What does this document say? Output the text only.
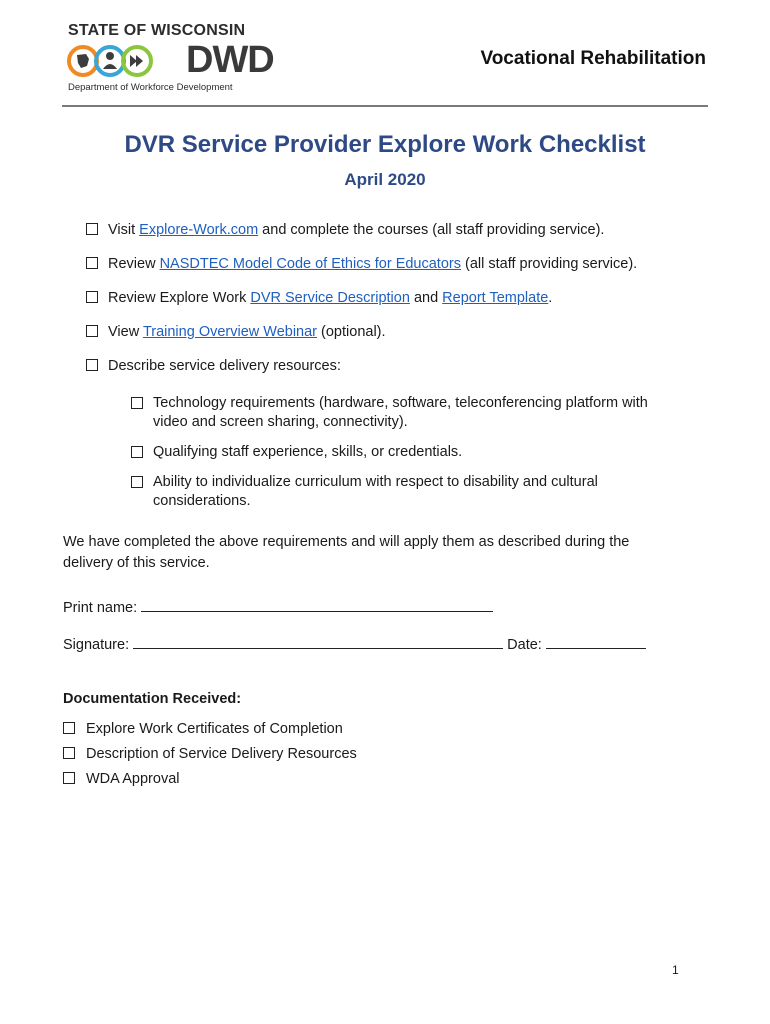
STATE OF WISCONSIN
DWD
Department of Workforce Development
Vocational Rehabilitation
DVR Service Provider Explore Work Checklist
April 2020
Visit Explore-Work.com and complete the courses (all staff providing service).
Review NASDTEC Model Code of Ethics for Educators (all staff providing service).
Review Explore Work DVR Service Description and Report Template.
View Training Overview Webinar (optional).
Describe service delivery resources:
Technology requirements (hardware, software, teleconferencing platform with video and screen sharing, connectivity).
Qualifying staff experience, skills, or credentials.
Ability to individualize curriculum with respect to disability and cultural considerations.
We have completed the above requirements and will apply them as described during the delivery of this service.
Print name:
Signature:	Date:
Documentation Received:
Explore Work Certificates of Completion
Description of Service Delivery Resources
WDA Approval
1
